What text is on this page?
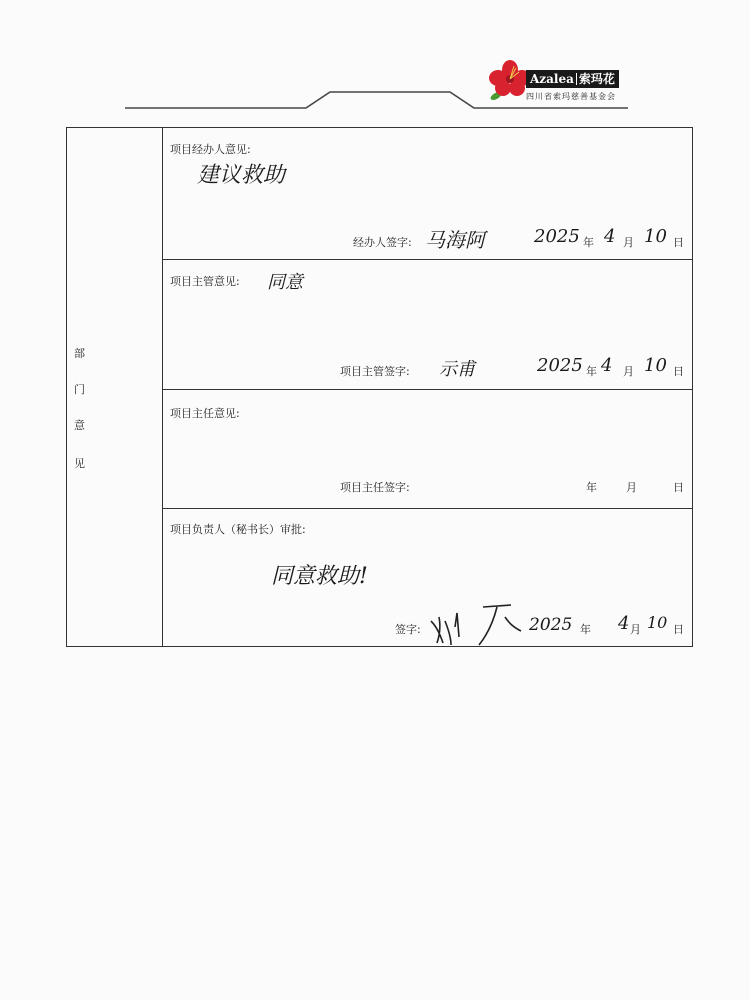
Azalea 索玛花
四川省索玛慈善基金会
部
门
意
见
项目经办人意见:
建议救助
经办人签字: 马海阿	2025 年 4 月 10 日
项目主管意见: 同意
项目主管签字: 示甫	2025 年 4 月 10 日
项目主任意见:
项目主任签字:	年	月	日
项目负责人（秘书长）审批:
同意救助!
签字:	2025 年 4 月 10 日
